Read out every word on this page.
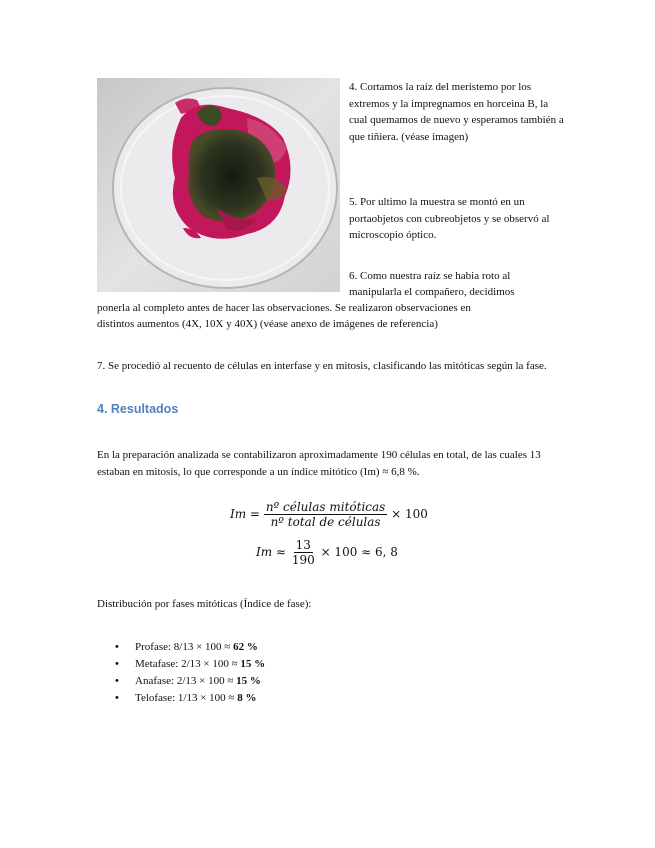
4. Cortamos la raíz del meristemo por los extremos y la impregnamos en horceina B, la cual quemamos de nuevo y esperamos también a que tiñiera. (véase imagen)
5. Por ultimo la muestra se montó en un portaobjetos con cubreobjetos y se observó al microscopio óptico.
6. Como nuestra raíz se habia roto al
manipularla el compañero, decidimos
ponerla al completo antes de hacer las observaciones. Se realizaron observaciones en
distintos aumentos (4X, 10X y 40X) (véase anexo de imágenes de referencia)
7. Se procedió al recuento de células en interfase y en mitosis, clasificando las mitóticas según la fase.
4. Resultados
En la preparación analizada se contabilizaron aproximadamente 190 células en total, de las cuales 13 estaban en mitosis, lo que corresponde a un índice mitótico (Im) ≈ 6,8 %.
$Im = \frac{\text{nº células mitóticas}}{\text{nº total de células}} \times 100$
$Im \approx \frac{13}{190} \times 100 \approx 6$, 8
Distribución por fases mitóticas (Índice de fase):
• Profase: 8/13 × 100 ≈ 62 %
• Metafase: 2/13 × 100 ≈ 15 %
• Anafase: 2/13 × 100 ≈ 15 %
• Telofase: 1/13 × 100 ≈ 8 %
